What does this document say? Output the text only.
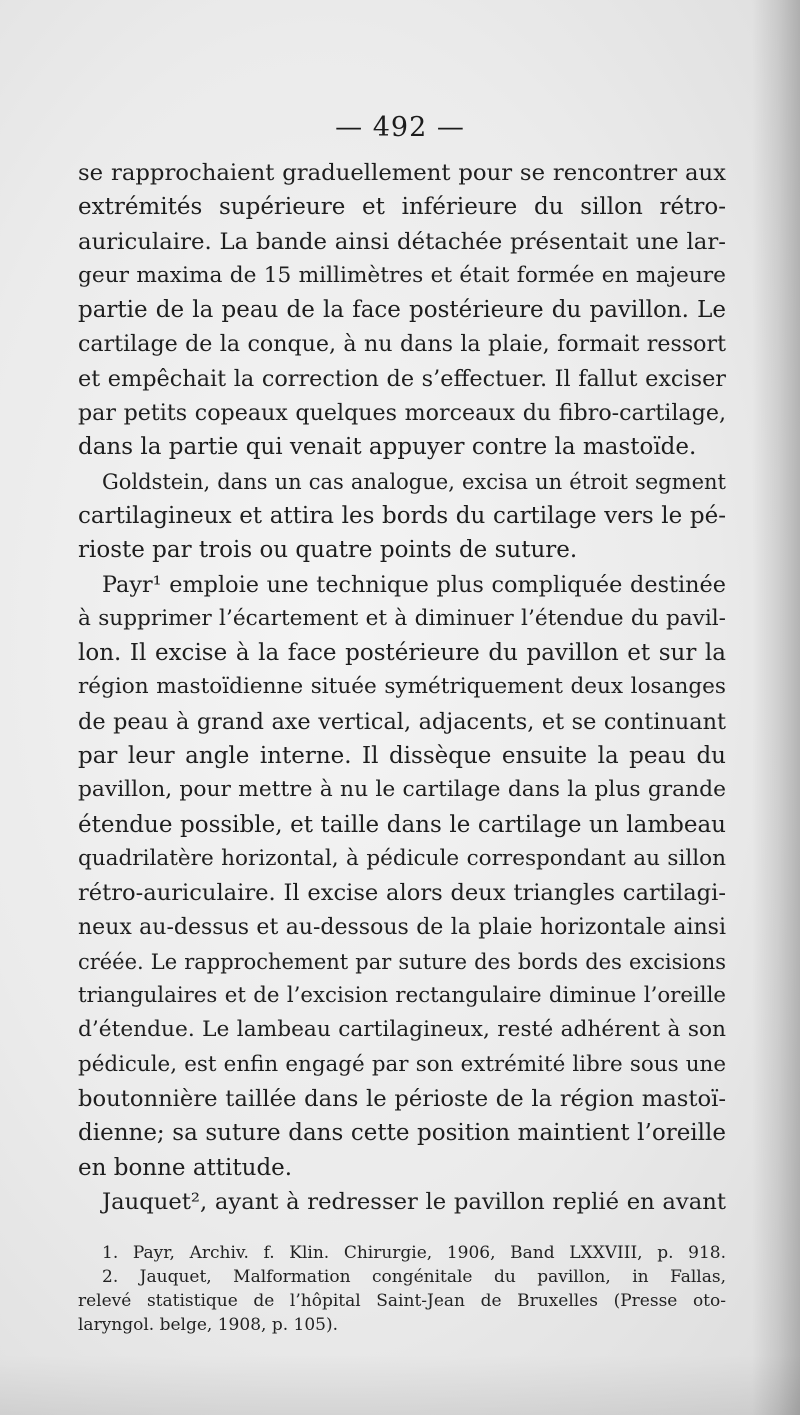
— 492 —
se rapprochaient graduellement pour se rencontrer aux
extrémités supérieure et inférieure du sillon rétro-
auriculaire. La bande ainsi détachée présentait une lar-
geur maxima de 15 millimètres et était formée en majeure
partie de la peau de la face postérieure du pavillon. Le
cartilage de la conque, à nu dans la plaie, formait ressort
et empêchait la correction de s’effectuer. Il fallut exciser
par petits copeaux quelques morceaux du fibro-cartilage,
dans la partie qui venait appuyer contre la mastoïde.
Goldstein, dans un cas analogue, excisa un étroit segment
cartilagineux et attira les bords du cartilage vers le pé-
rioste par trois ou quatre points de suture.
Payr¹ emploie une technique plus compliquée destinée
à supprimer l’écartement et à diminuer l’étendue du pavil-
lon. Il excise à la face postérieure du pavillon et sur la
région mastoïdienne située symétriquement deux losanges
de peau à grand axe vertical, adjacents, et se continuant
par leur angle interne. Il dissèque ensuite la peau du
pavillon, pour mettre à nu le cartilage dans la plus grande
étendue possible, et taille dans le cartilage un lambeau
quadrilatère horizontal, à pédicule correspondant au sillon
rétro-auriculaire. Il excise alors deux triangles cartilagi-
neux au-dessus et au-dessous de la plaie horizontale ainsi
créée. Le rapprochement par suture des bords des excisions
triangulaires et de l’excision rectangulaire diminue l’oreille
d’étendue. Le lambeau cartilagineux, resté adhérent à son
pédicule, est enfin engagé par son extrémité libre sous une
boutonnière taillée dans le périoste de la région mastoï-
dienne; sa suture dans cette position maintient l’oreille
en bonne attitude.
Jauquet², ayant à redresser le pavillon replié en avant
1. Payr, Archiv. f. Klin. Chirurgie, 1906, Band LXXVIII, p. 918.
2. Jauquet, Malformation congénitale du pavillon, in Fallas,
relevé statistique de l’hôpital Saint-Jean de Bruxelles (Presse oto-
laryngol. belge, 1908, p. 105).
